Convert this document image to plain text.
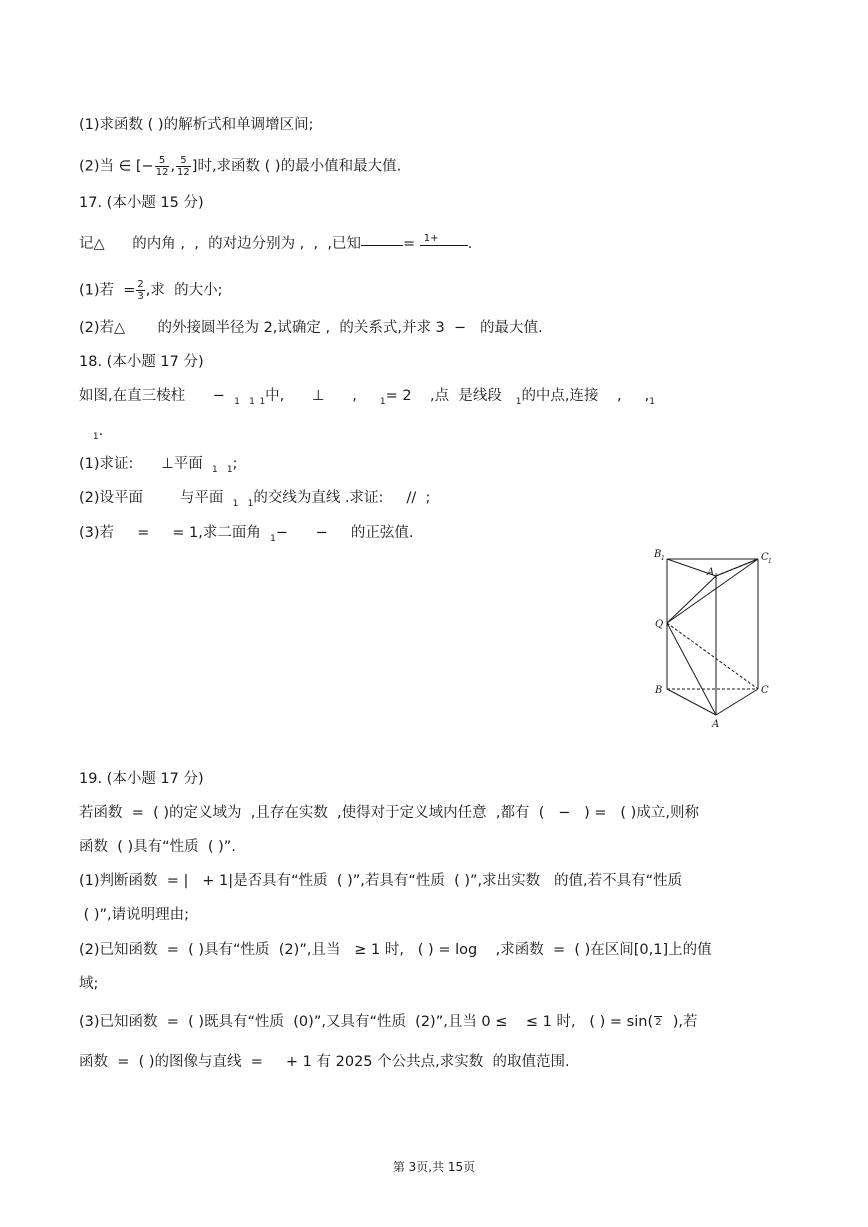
(1)求函数 ( )的解析式和单调增区间;
(2)当 ∈ [− $\frac{5}{12}$ , $\frac{5}{12}$ ]时,求函数 ( )的最小值和最大值.
17. (本小题 15 分)
记△      的内角 ,  ,  的对边分别为 ,  ,  ,已知	= 1+ .
(1)若  = $\frac{2}{3}$ ,求  的大小;
(2)若△       的外接圆半径为 2,试确定 ,  的关系式,并求 3  −   的最大值.
18. (本小题 17 分)
如图,在直三棱柱      − $_1$ $_1$ $_1$中,      ⊥      ,	$_1$= 2    ,点  是线段 $_1$的中点,连接    ,     $,_1$
$_1$.
(1)求证:      ⊥平面 $_1$ $_1$;
(2)设平面        与平面 $_1$ $_1$的交线为直线 .求证:     //  ;
(3)若     =     = 1,求二面角 $_1$−      −     的正弦值.
B 1
A 1
C 1
Q
B	C
A
19. (本小题 17 分)
若函数  =  ( )的定义域为  ,且存在实数  ,使得对于定义域内任意  ,都有  (   −   ) =   ( )成立,则称
函数  ( )具有“性质  ( )”.
(1)判断函数  = |   + 1|是否具有“性质  ( )”,若具有“性质  ( )”,求出实数   的值,若不具有“性质
( )”,请说明理由;
(2)已知函数  =  ( )具有“性质  (2)”,且当   ≥ 1 时,   ( ) = log    ,求函数  =  ( )在区间[0,1]上的值
域;
(3)已知函数  =  ( )既具有“性质  (0)”,又具有“性质  (2)”,且当 0 ≤    ≤ 1 时,   ( ) = sin( 2 ),若
函数  =  ( )的图像与直线  =     + 1 有 2025 个公共点,求实数  的取值范围.
第 3页,共 15页
